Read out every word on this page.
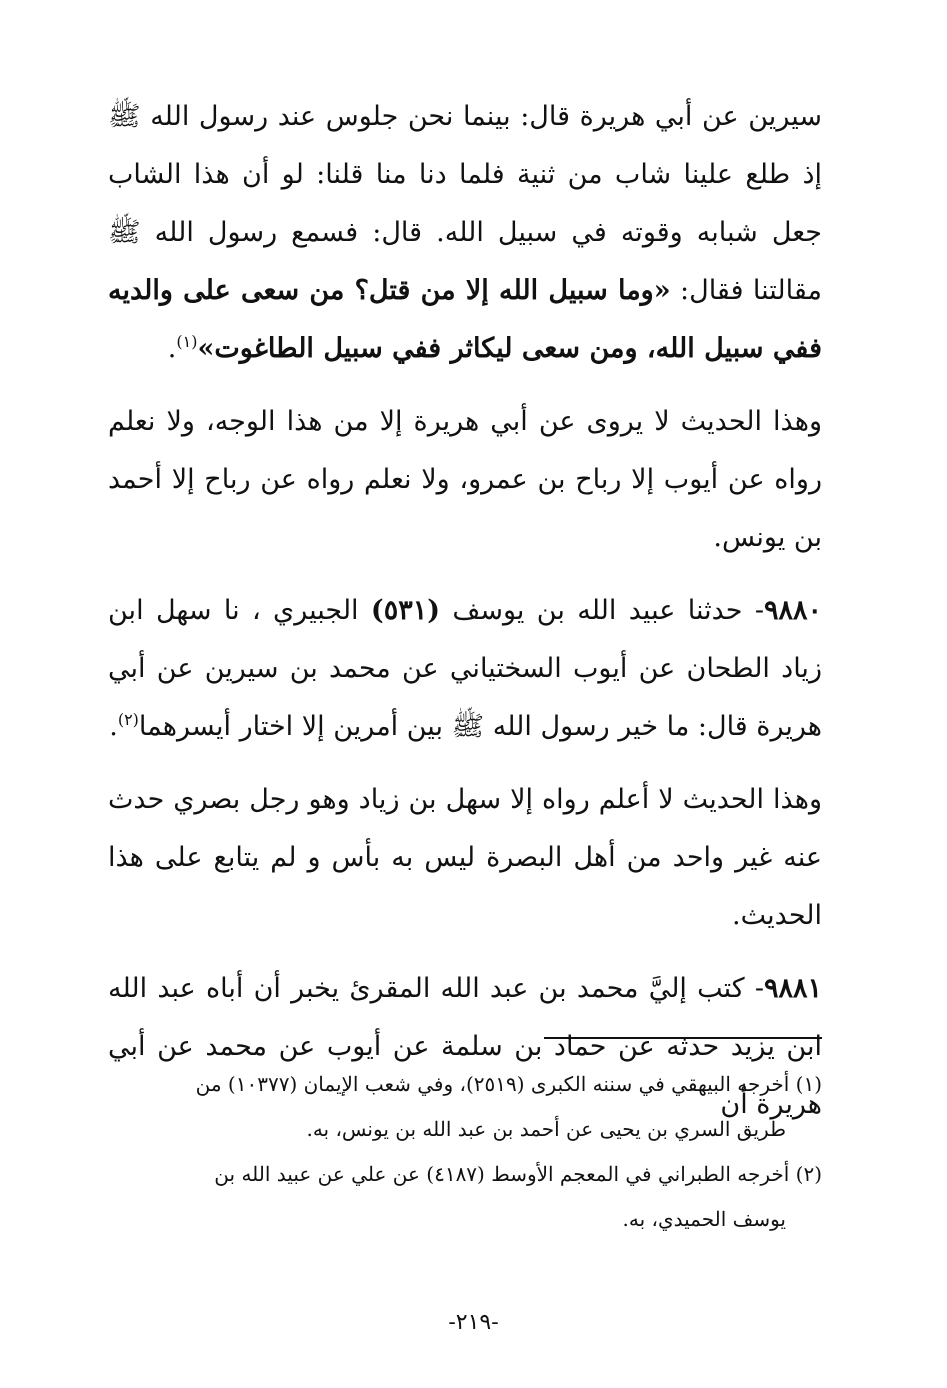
سيرين عن أبي هريرة قال: بينما نحن جلوس عند رسول الله ﷺ إذ طلع علينا شاب من ثنية فلما دنا منا قلنا: لو أن هذا الشاب جعل شبابه وقوته في سبيل الله. قال: فسمع رسول الله ﷺ مقالتنا فقال: «وما سبيل الله إلا من قتل؟ من سعى على والديه ففي سبيل الله، ومن سعى ليكاثر ففي سبيل الطاغوت»$^{(١)}$.
وهذا الحديث لا يروى عن أبي هريرة إلا من هذا الوجه، ولا نعلم رواه عن أيوب إلا رباح بن عمرو، ولا نعلم رواه عن رباح إلا أحمد بن يونس.
٩٨٨٠- حدثنا عبيد الله بن يوسف (٥٣١) الجبيري ، نا سهل ابن زياد الطحان عن أيوب السختياني عن محمد بن سيرين عن أبي هريرة قال: ما خير رسول الله ﷺ بين أمرين إلا اختار أيسرهما$^{(٢)}$.
وهذا الحديث لا أعلم رواه إلا سهل بن زياد وهو رجل بصري حدث عنه غير واحد من أهل البصرة ليس به بأس و لم يتابع على هذا الحديث.
٩٨٨١- كتب إليَّ محمد بن عبد الله المقرئ يخبر أن أباه عبد الله ابن يزيد حدثه عن حماد بن سلمة عن أيوب عن محمد عن أبي هريرة أن
(١) أخرجه البيهقي في سننه الكبرى (٢٥١٩)، وفي شعب الإيمان (١٠٣٧٧) من
طريق السري بن يحيى عن أحمد بن عبد الله بن يونس، به.
(٢) أخرجه الطبراني في المعجم الأوسط (٤١٨٧) عن علي عن عبيد الله بن
يوسف الحميدي، به.
-٢١٩-
